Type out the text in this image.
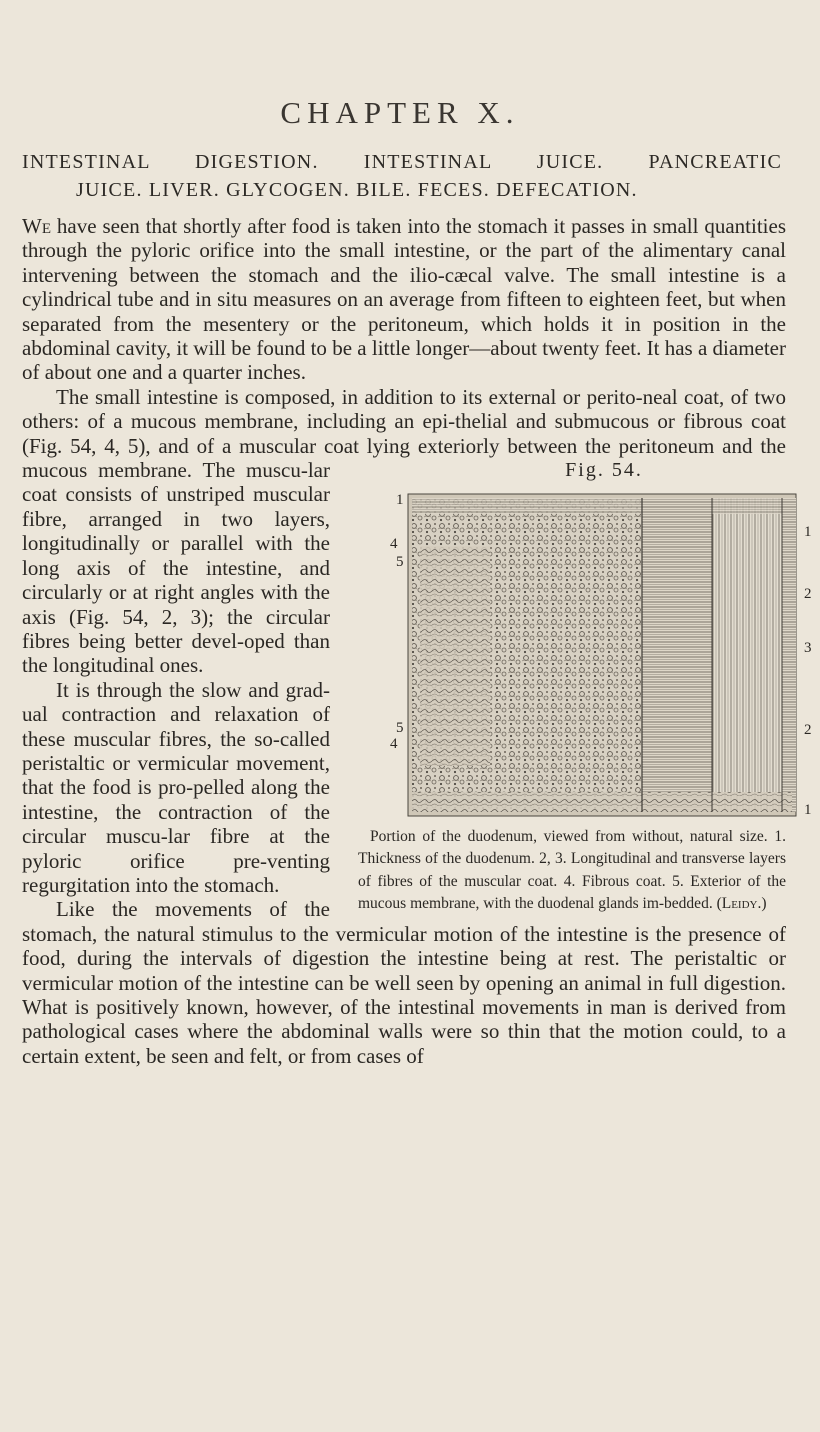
CHAPTER X.
INTESTINAL DIGESTION. INTESTINAL JUICE. PANCREATIC
JUICE. LIVER. GLYCOGEN. BILE. FECES. DEFECATION.

We have seen that shortly after food is taken into the stomach it passes in small quantities through the pyloric orifice into the small intestine, or the part of the alimentary canal intervening between the stomach and the ilio-cæcal valve. The small intestine is a cylindrical tube and in situ measures on an average from fifteen to eighteen feet, but when separated from the mesentery or the peritoneum, which holds it in position in the abdominal cavity, it will be found to be a little longer—about twenty feet. It has a diameter of about one and a quarter inches.

The small intestine is composed, in addition to its external or perito-neal coat, of two others: of a mucous membrane, including an epi-thelial and submucous or fibrous coat (Fig. 54, 4, 5), and of a muscular coat lying exteriorly between the peritoneum and the
Fig. 54.
1
4
5
5
4
1
2
3
2
1

Portion of the duodenum, viewed from without, natural size. 1. Thickness of the duodenum. 2, 3. Longitudinal and transverse layers of fibres of the muscular coat. 4. Fibrous coat. 5. Exterior of the mucous membrane, with the duodenal glands im-bedded. (Leidy.)

mucous membrane. The muscu-lar coat consists of unstriped muscular fibre, arranged in two layers, longitudinally or parallel with the long axis of the intestine, and circularly or at right angles with the axis (Fig. 54, 2, 3); the circular fibres being better devel-oped than the longitudinal ones.

It is through the slow and grad-ual contraction and relaxation of these muscular fibres, the so-called peristaltic or vermicular movement, that the food is pro-pelled along the intestine, the contraction of the circular muscu-lar fibre at the pyloric orifice pre-venting regurgitation into the stomach.

Like the movements of the stomach, the natural stimulus to the vermicular motion of the intestine is the presence of food, during the intervals of digestion the intestine being at rest. The peristaltic or vermicular motion of the intestine can be well seen by opening an animal in full digestion. What is positively known, however, of the intestinal movements in man is derived from pathological cases where the abdominal walls were so thin that the motion could, to a certain extent, be seen and felt, or from cases of
